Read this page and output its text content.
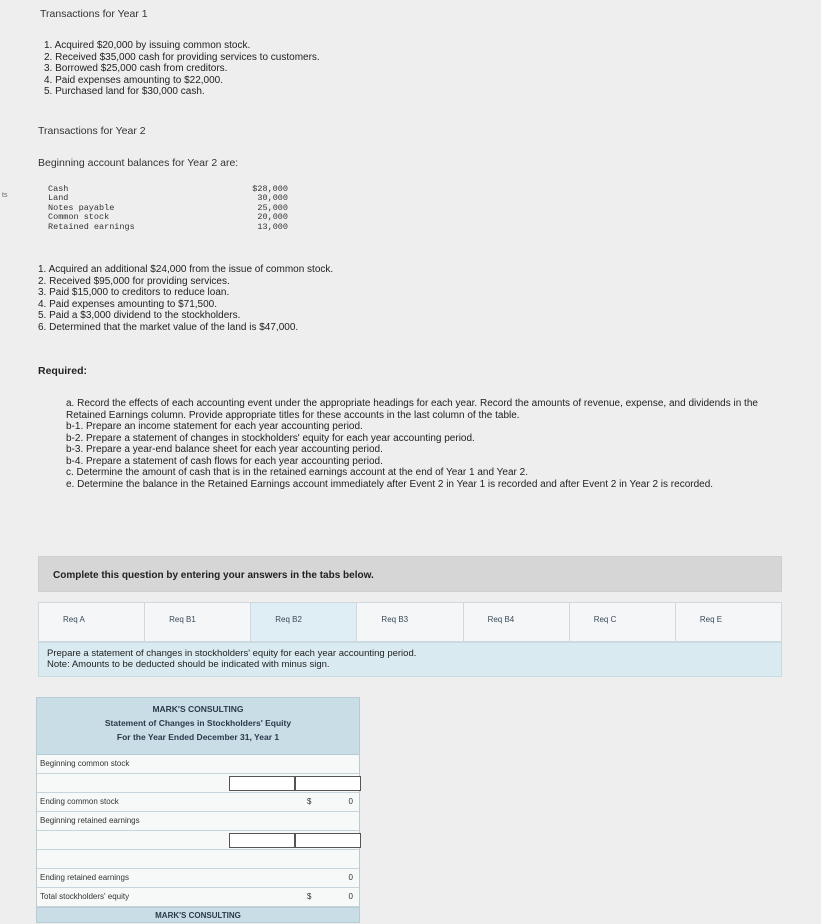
ts
Transactions for Year 1
1. Acquired $20,000 by issuing common stock.
2. Received $35,000 cash for providing services to customers.
3. Borrowed $25,000 cash from creditors.
4. Paid expenses amounting to $22,000.
5. Purchased land for $30,000 cash.
Transactions for Year 2
Beginning account balances for Year 2 are:
Cash	$28,000
Land	30,000
Notes payable	25,000
Common stock	20,000
Retained earnings	13,000
1. Acquired an additional $24,000 from the issue of common stock.
2. Received $95,000 for providing services.
3. Paid $15,000 to creditors to reduce loan.
4. Paid expenses amounting to $71,500.
5. Paid a $3,000 dividend to the stockholders.
6. Determined that the market value of the land is $47,000.
Required:
a. Record the effects of each accounting event under the appropriate headings for each year. Record the amounts of revenue, expense, and dividends in the Retained Earnings column. Provide appropriate titles for these accounts in the last column of the table.
b-1. Prepare an income statement for each year accounting period.
b-2. Prepare a statement of changes in stockholders' equity for each year accounting period.
b-3. Prepare a year-end balance sheet for each year accounting period.
b-4. Prepare a statement of cash flows for each year accounting period.
c. Determine the amount of cash that is in the retained earnings account at the end of Year 1 and Year 2.
e. Determine the balance in the Retained Earnings account immediately after Event 2 in Year 1 is recorded and after Event 2 in Year 2 is recorded.
Complete this question by entering your answers in the tabs below.
Req A	Req B1	Req B2	Req B3	Req B4	Req C	Req E
Prepare a statement of changes in stockholders' equity for each year accounting period.
Note: Amounts to be deducted should be indicated with minus sign.
MARK'S CONSULTING
Statement of Changes in Stockholders' Equity
For the Year Ended December 31, Year 1
Beginning common stock
Ending common stock	$	0
Beginning retained earnings
Ending retained earnings	0
Total stockholders' equity	$	0
MARK'S CONSULTING
